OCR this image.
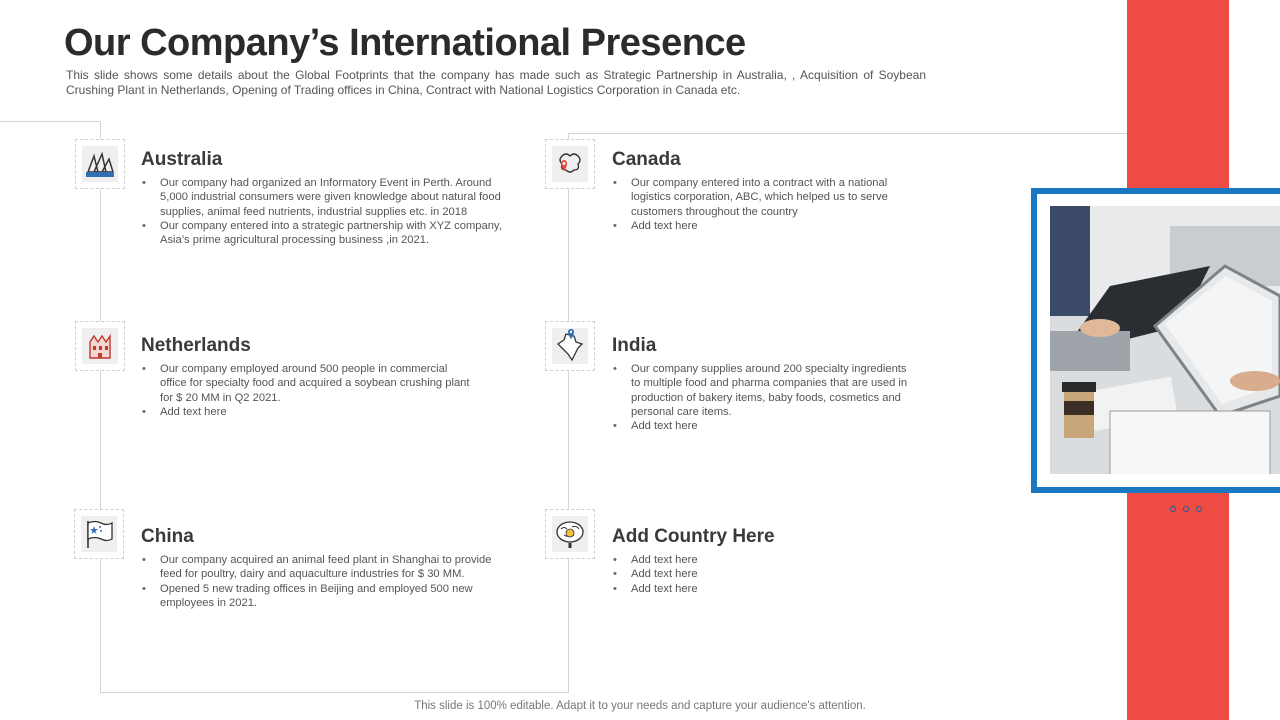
Our Company’s International Presence

This slide shows some details about the Global Footprints that the company has made such as Strategic Partnership in Australia, , Acquisition of Soybean Crushing Plant in Netherlands, Opening of Trading offices in China, Contract with National Logistics Corporation in Canada etc.

Australia
• Our company had organized an Informatory Event in Perth. Around 5,000 industrial consumers were given knowledge about natural food supplies, animal feed nutrients, industrial supplies etc. in 2018
• Our company entered into a strategic partnership with XYZ company, Asia’s prime agricultural processing business ,in 2021.
Canada
• Our company entered into a contract with a national logistics corporation, ABC, which helped us to serve customers throughout the country
• Add text here
Netherlands
• Our company employed around 500 people in commercial office for specialty food and acquired a soybean crushing plant for $ 20 MM in Q2 2021.
• Add text here
India
• Our company supplies around 200 specialty ingredients to multiple food and pharma companies that are used in production of bakery items, baby foods, cosmetics and personal care items.
• Add text here
China
• Our company acquired an animal feed plant in Shanghai to provide feed for poultry, dairy and aquaculture industries for $ 30 MM.
• Opened 5 new trading offices in Beijing and employed 500 new employees in 2021.
Add Country Here
• Add text here
• Add text here
• Add text here
This slide is 100% editable. Adapt it to your needs and capture your audience's attention.
